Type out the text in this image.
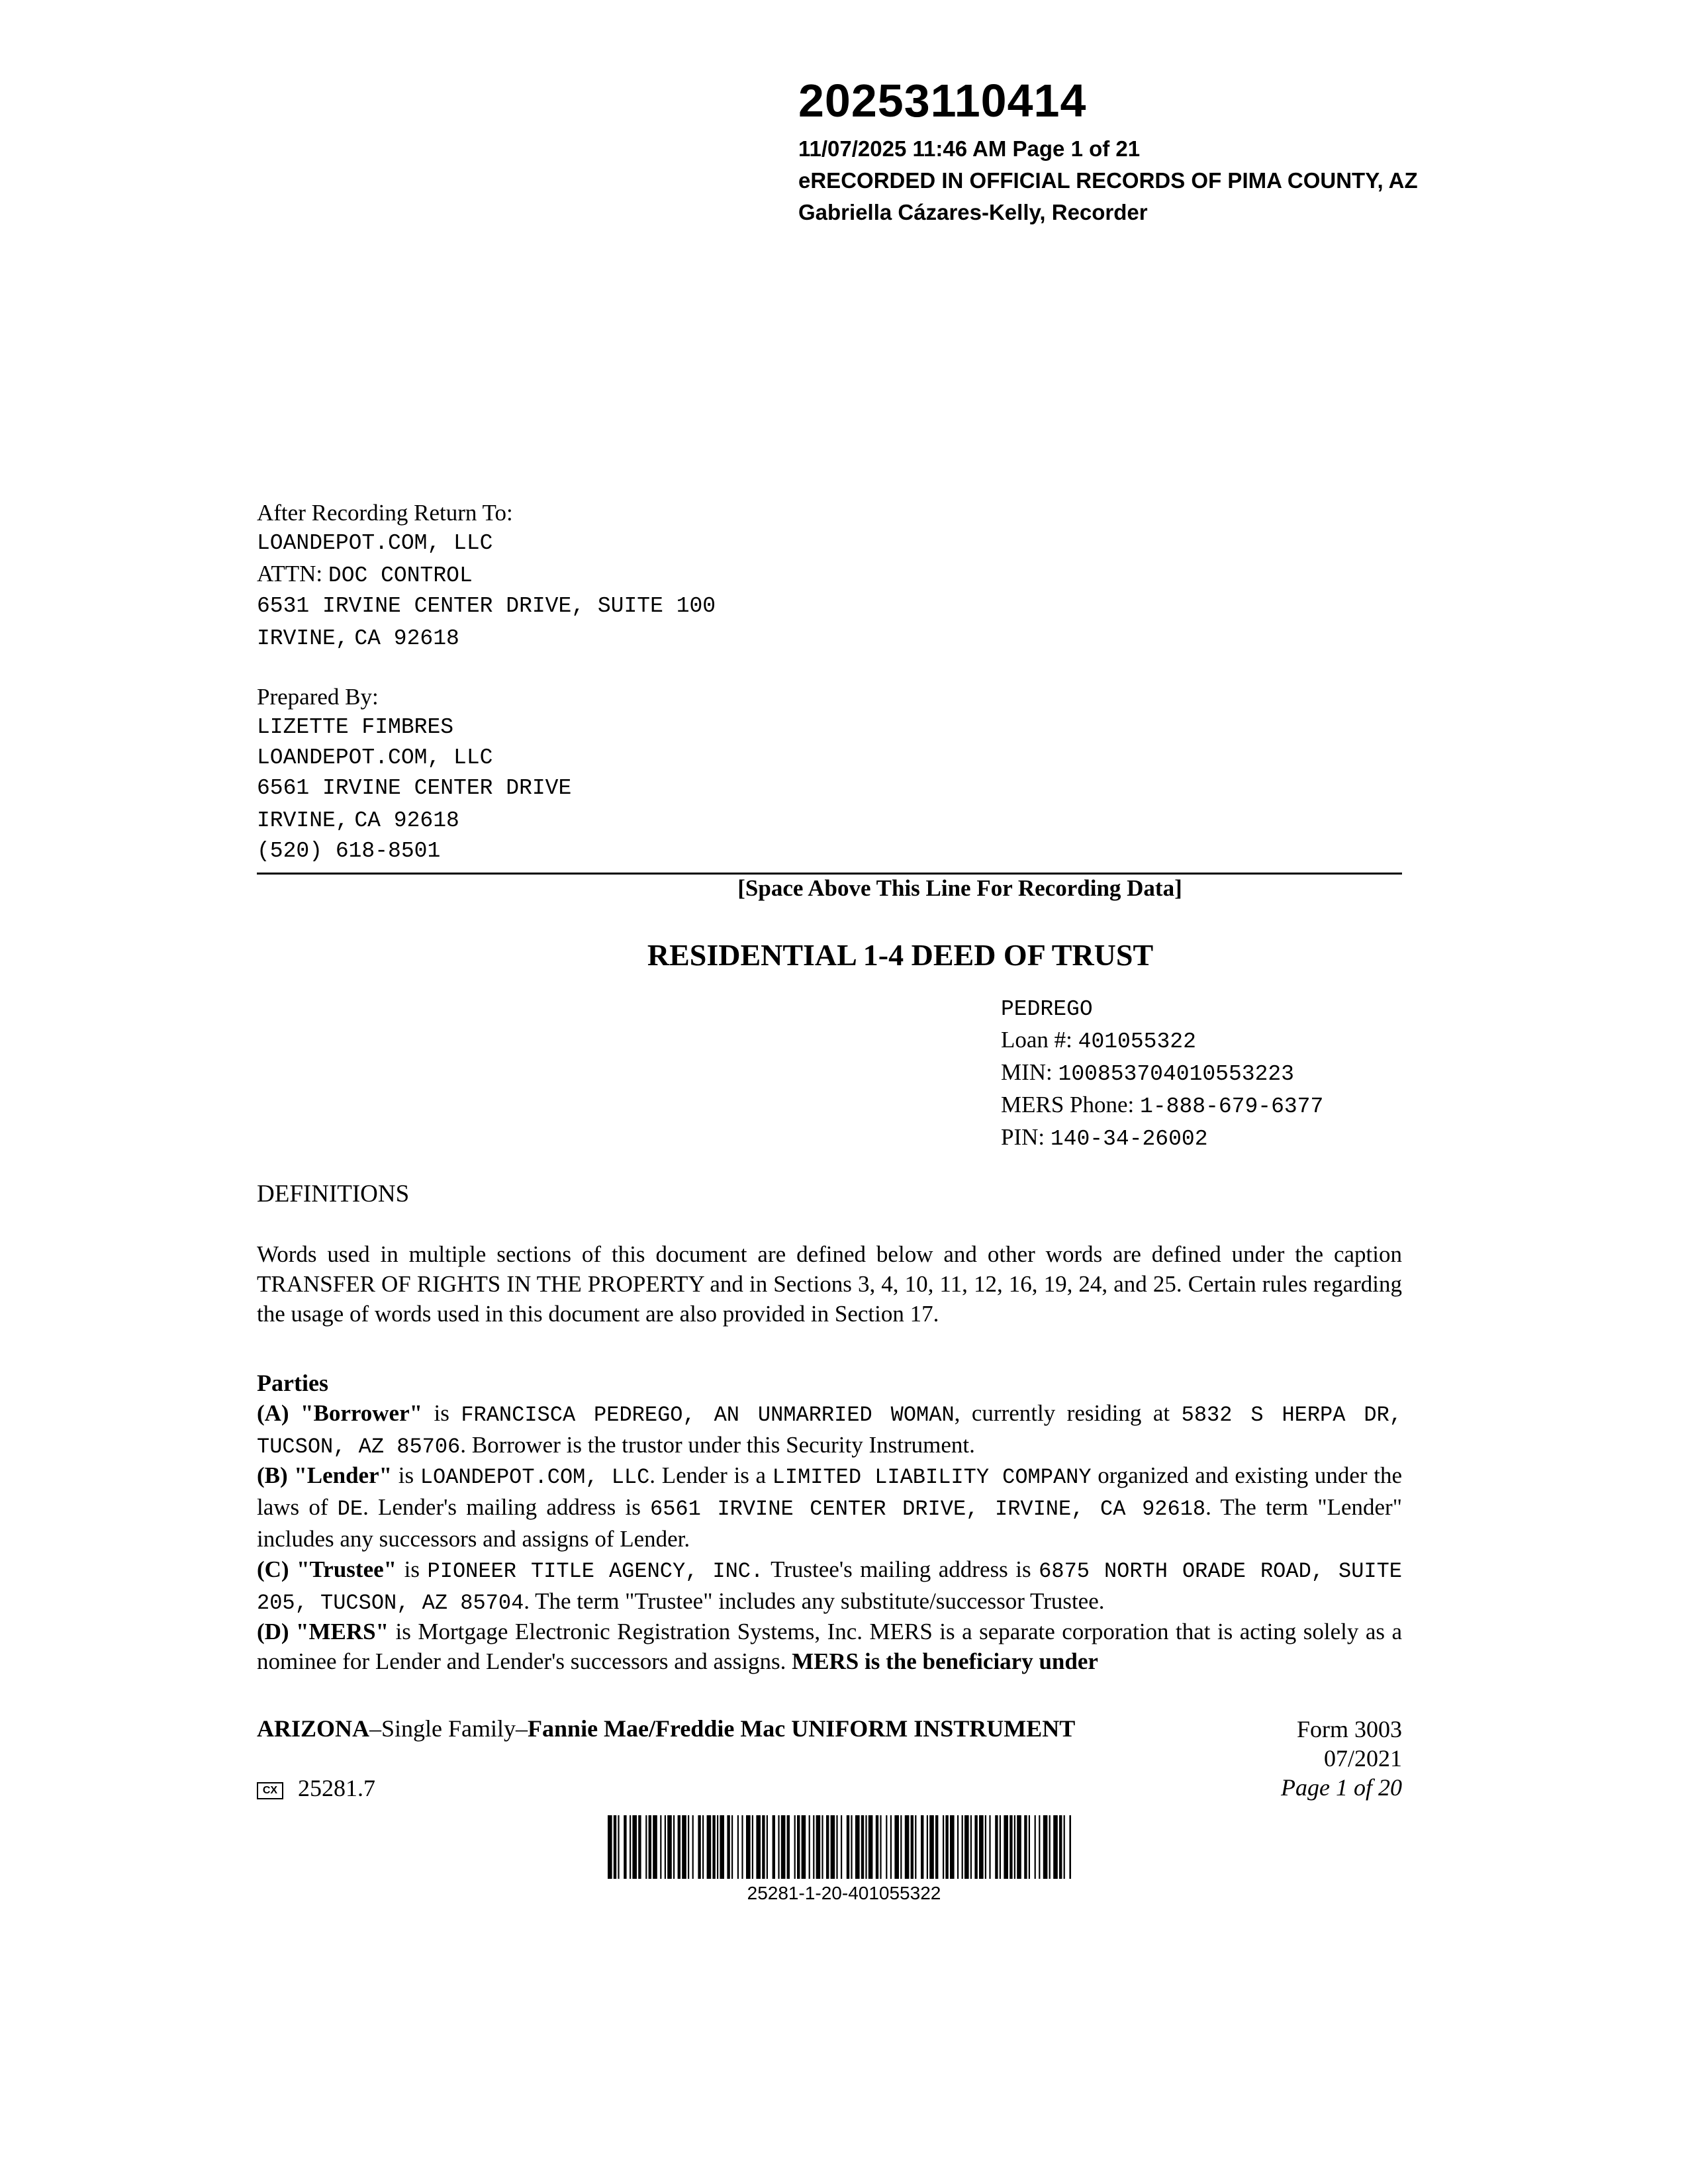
20253110414
11/07/2025 11:46 AM Page 1 of 21
eRECORDED IN OFFICIAL RECORDS OF PIMA COUNTY, AZ
Gabriella Cázares-Kelly, Recorder
After Recording Return To:
LOANDEPOT.COM, LLC
ATTN: DOC CONTROL
6531 IRVINE CENTER DRIVE, SUITE 100
IRVINE, CA 92618
Prepared By:
LIZETTE FIMBRES
LOANDEPOT.COM, LLC
6561 IRVINE CENTER DRIVE
IRVINE, CA 92618
(520) 618-8501
[Space Above This Line For Recording Data]
RESIDENTIAL 1-4 DEED OF TRUST
PEDREGO
Loan #: 401055322
MIN: 100853704010553223
MERS Phone: 1-888-679-6377
PIN: 140-34-26002
DEFINITIONS
Words used in multiple sections of this document are defined below and other words are defined under the caption TRANSFER OF RIGHTS IN THE PROPERTY and in Sections 3, 4, 10, 11, 12, 16, 19, 24, and 25. Certain rules regarding the usage of words used in this document are also provided in Section 17.
Parties
(A) "Borrower" is FRANCISCA PEDREGO, AN UNMARRIED WOMAN, currently residing at 5832 S HERPA DR, TUCSON, AZ 85706. Borrower is the trustor under this Security Instrument.
(B) "Lender" is LOANDEPOT.COM, LLC. Lender is a LIMITED LIABILITY COMPANY organized and existing under the laws of DE. Lender's mailing address is 6561 IRVINE CENTER DRIVE, IRVINE, CA 92618. The term "Lender" includes any successors and assigns of Lender.
(C) "Trustee" is PIONEER TITLE AGENCY, INC. Trustee's mailing address is 6875 NORTH ORADE ROAD, SUITE 205, TUCSON, AZ 85704. The term "Trustee" includes any substitute/successor Trustee.
(D) "MERS" is Mortgage Electronic Registration Systems, Inc. MERS is a separate corporation that is acting solely as a nominee for Lender and Lender's successors and assigns. MERS is the beneficiary under
ARIZONA–Single Family–Fannie Mae/Freddie Mac UNIFORM INSTRUMENT	Form 3003
07/2021
Page 1 of 20
CX 25281.7
25281-1-20-401055322
